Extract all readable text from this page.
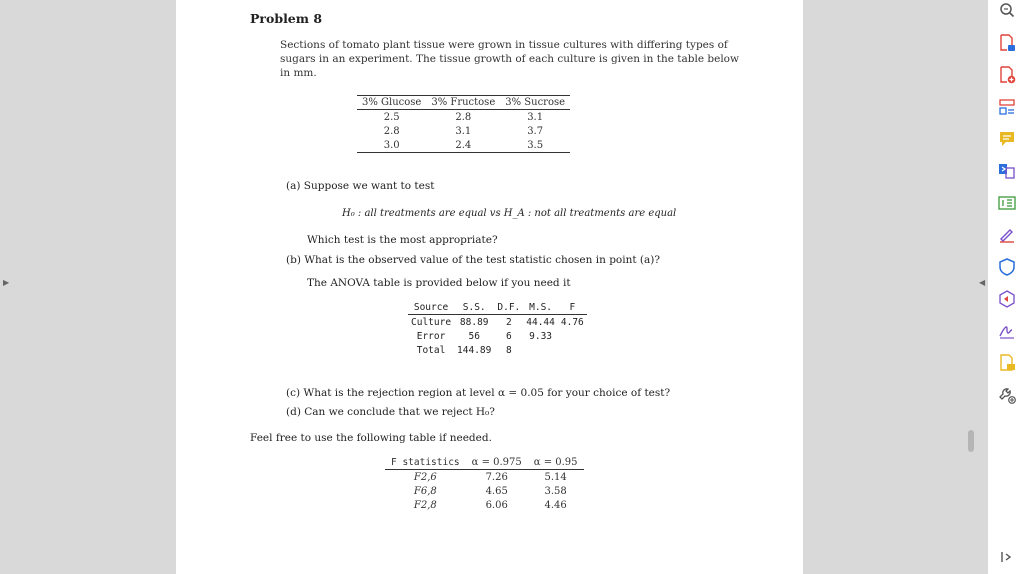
▶	◀
Problem 8
Sections of tomato plant tissue were grown in tissue cultures with differing types of
sugars in an experiment. The tissue growth of each culture is given in the table below
in mm.
3% Glucose	3% Fructose	3% Sucrose
2.5	2.8	3.1
2.8	3.1	3.7
3.0	2.4	3.5
(a) Suppose we want to test
H₀ : all treatments are equal vs H_A : not all treatments are equal
Which test is the most appropriate?
(b) What is the observed value of the test statistic chosen in point (a)?
The ANOVA table is provided below if you need it
Source	S.S.	D.F.	M.S.	F
Culture	88.89	2	44.44	4.76
Error	56	6	9.33	
Total	144.89	8		
(c) What is the rejection region at level α = 0.05 for your choice of test?
(d) Can we conclude that we reject H₀?
Feel free to use the following table if needed.
F statistics	α = 0.975	α = 0.95
F2,6	7.26	5.14
F6,8	4.65	3.58
F2,8	6.06	4.46
